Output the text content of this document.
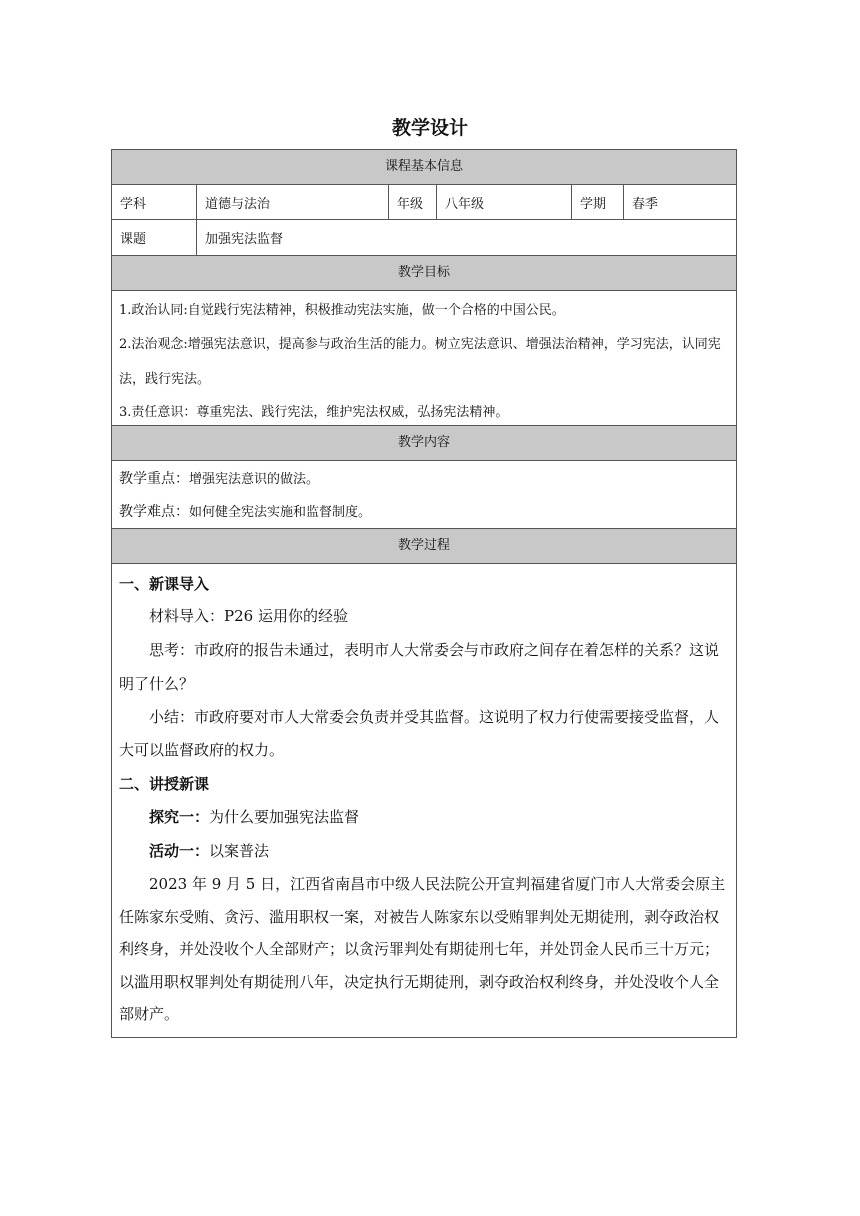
教学设计
课程基本信息
学科	道德与法治	年级	八年级	学期	春季
课题	加强宪法监督
教学目标

1.政治认同:自觉践行宪法精神，积极推动宪法实施，做一个合格的中国公民。

2.法治观念:增强宪法意识，提高参与政治生活的能力。树立宪法意识、增强法治精神，学习宪法，认同宪法，践行宪法。

3.责任意识：尊重宪法、践行宪法，维护宪法权威，弘扬宪法精神。

教学内容

教学重点：增强宪法意识的做法。

教学难点：如何健全宪法实施和监督制度。

教学过程

一、新课导入

材料导入：P26 运用你的经验

思考：市政府的报告未通过，表明市人大常委会与市政府之间存在着怎样的关系？这说明了什么？

小结：市政府要对市人大常委会负责并受其监督。这说明了权力行使需要接受监督，人大可以监督政府的权力。

二、讲授新课

探究一：为什么要加强宪法监督

活动一：以案普法

2023 年 9 月 5 日，江西省南昌市中级人民法院公开宣判福建省厦门市人大常委会原主任陈家东受贿、贪污、滥用职权一案，对被告人陈家东以受贿罪判处无期徒刑，剥夺政治权利终身，并处没收个人全部财产；以贪污罪判处有期徒刑七年，并处罚金人民币三十万元；以滥用职权罪判处有期徒刑八年，决定执行无期徒刑，剥夺政治权利终身，并处没收个人全部财产。
